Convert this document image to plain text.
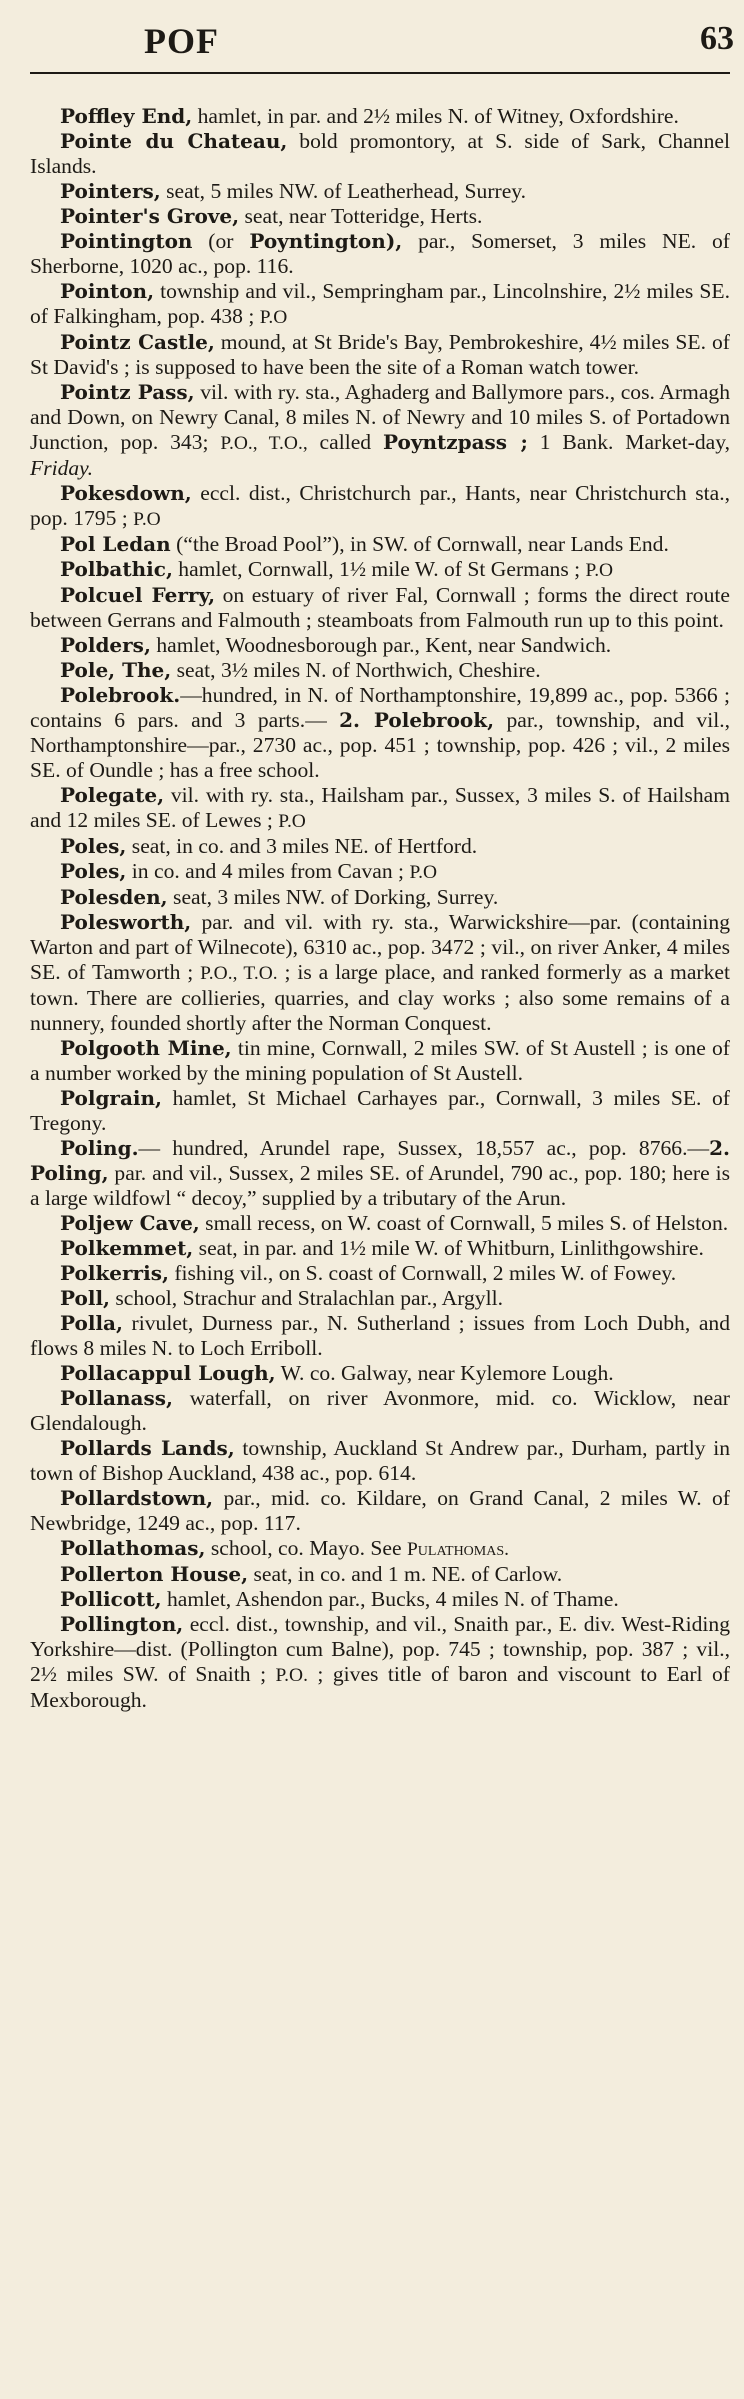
POF	63

Poffley End, hamlet, in par. and 2½ miles N. of Witney, Oxfordshire.

Pointe du Chateau, bold promontory, at S. side of Sark, Channel Islands.

Pointers, seat, 5 miles NW. of Leatherhead, Surrey.

Pointer's Grove, seat, near Totteridge, Herts.

Pointington (or Poyntington), par., Somerset, 3 miles NE. of Sherborne, 1020 ac., pop. 116.

Pointon, township and vil., Sempringham par., Lincolnshire, 2½ miles SE. of Falkingham, pop. 438 ; P.O

Pointz Castle, mound, at St Bride's Bay, Pembrokeshire, 4½ miles SE. of St David's ; is supposed to have been the site of a Roman watch tower.

Pointz Pass, vil. with ry. sta., Aghaderg and Ballymore pars., cos. Armagh and Down, on Newry Canal, 8 miles N. of Newry and 10 miles S. of Portadown Junction, pop. 343; P.O., T.O., called Poyntzpass ; 1 Bank. Market-day, Friday.

Pokesdown, eccl. dist., Christchurch par., Hants, near Christchurch sta., pop. 1795 ; P.O

Pol Ledan (“the Broad Pool”), in SW. of Cornwall, near Lands End.

Polbathic, hamlet, Cornwall, 1½ mile W. of St Germans ; P.O

Polcuel Ferry, on estuary of river Fal, Cornwall ; forms the direct route between Gerrans and Falmouth ; steamboats from Falmouth run up to this point.

Polders, hamlet, Woodnesborough par., Kent, near Sandwich.

Pole, The, seat, 3½ miles N. of Northwich, Cheshire.

Polebrook.—hundred, in N. of Northamptonshire, 19,899 ac., pop. 5366 ; contains 6 pars. and 3 parts.— 2. Polebrook, par., township, and vil., Northamptonshire—par., 2730 ac., pop. 451 ; township, pop. 426 ; vil., 2 miles SE. of Oundle ; has a free school.

Polegate, vil. with ry. sta., Hailsham par., Sussex, 3 miles S. of Hailsham and 12 miles SE. of Lewes ; P.O

Poles, seat, in co. and 3 miles NE. of Hertford.

Poles, in co. and 4 miles from Cavan ; P.O

Polesden, seat, 3 miles NW. of Dorking, Surrey.

Polesworth, par. and vil. with ry. sta., Warwickshire—par. (containing Warton and part of Wilnecote), 6310 ac., pop. 3472 ; vil., on river Anker, 4 miles SE. of Tamworth ; P.O., T.O. ; is a large place, and ranked formerly as a market town. There are collieries, quarries, and clay works ; also some remains of a nunnery, founded shortly after the Norman Conquest.

Polgooth Mine, tin mine, Cornwall, 2 miles SW. of St Austell ; is one of a number worked by the mining population of St Austell.

Polgrain, hamlet, St Michael Carhayes par., Cornwall, 3 miles SE. of Tregony.

Poling.— hundred, Arundel rape, Sussex, 18,557 ac., pop. 8766.—2. Poling, par. and vil., Sussex, 2 miles SE. of Arundel, 790 ac., pop. 180; here is a large wildfowl “ decoy,” supplied by a tributary of the Arun.

Poljew Cave, small recess, on W. coast of Cornwall, 5 miles S. of Helston.

Polkemmet, seat, in par. and 1½ mile W. of Whitburn, Linlithgowshire.

Polkerris, fishing vil., on S. coast of Cornwall, 2 miles W. of Fowey.

Poll, school, Strachur and Stralachlan par., Argyll.

Polla, rivulet, Durness par., N. Sutherland ; issues from Loch Dubh, and flows 8 miles N. to Loch Erriboll.

Pollacappul Lough, W. co. Galway, near Kylemore Lough.

Pollanass, waterfall, on river Avonmore, mid. co. Wicklow, near Glendalough.

Pollards Lands, township, Auckland St Andrew par., Durham, partly in town of Bishop Auckland, 438 ac., pop. 614.

Pollardstown, par., mid. co. Kildare, on Grand Canal, 2 miles W. of Newbridge, 1249 ac., pop. 117.

Pollathomas, school, co. Mayo. See Pulathomas.

Pollerton House, seat, in co. and 1 m. NE. of Carlow.

Pollicott, hamlet, Ashendon par., Bucks, 4 miles N. of Thame.

Pollington, eccl. dist., township, and vil., Snaith par., E. div. West-Riding Yorkshire—dist. (Pollington cum Balne), pop. 745 ; township, pop. 387 ; vil., 2½ miles SW. of Snaith ; P.O. ; gives title of baron and viscount to Earl of Mexborough.
